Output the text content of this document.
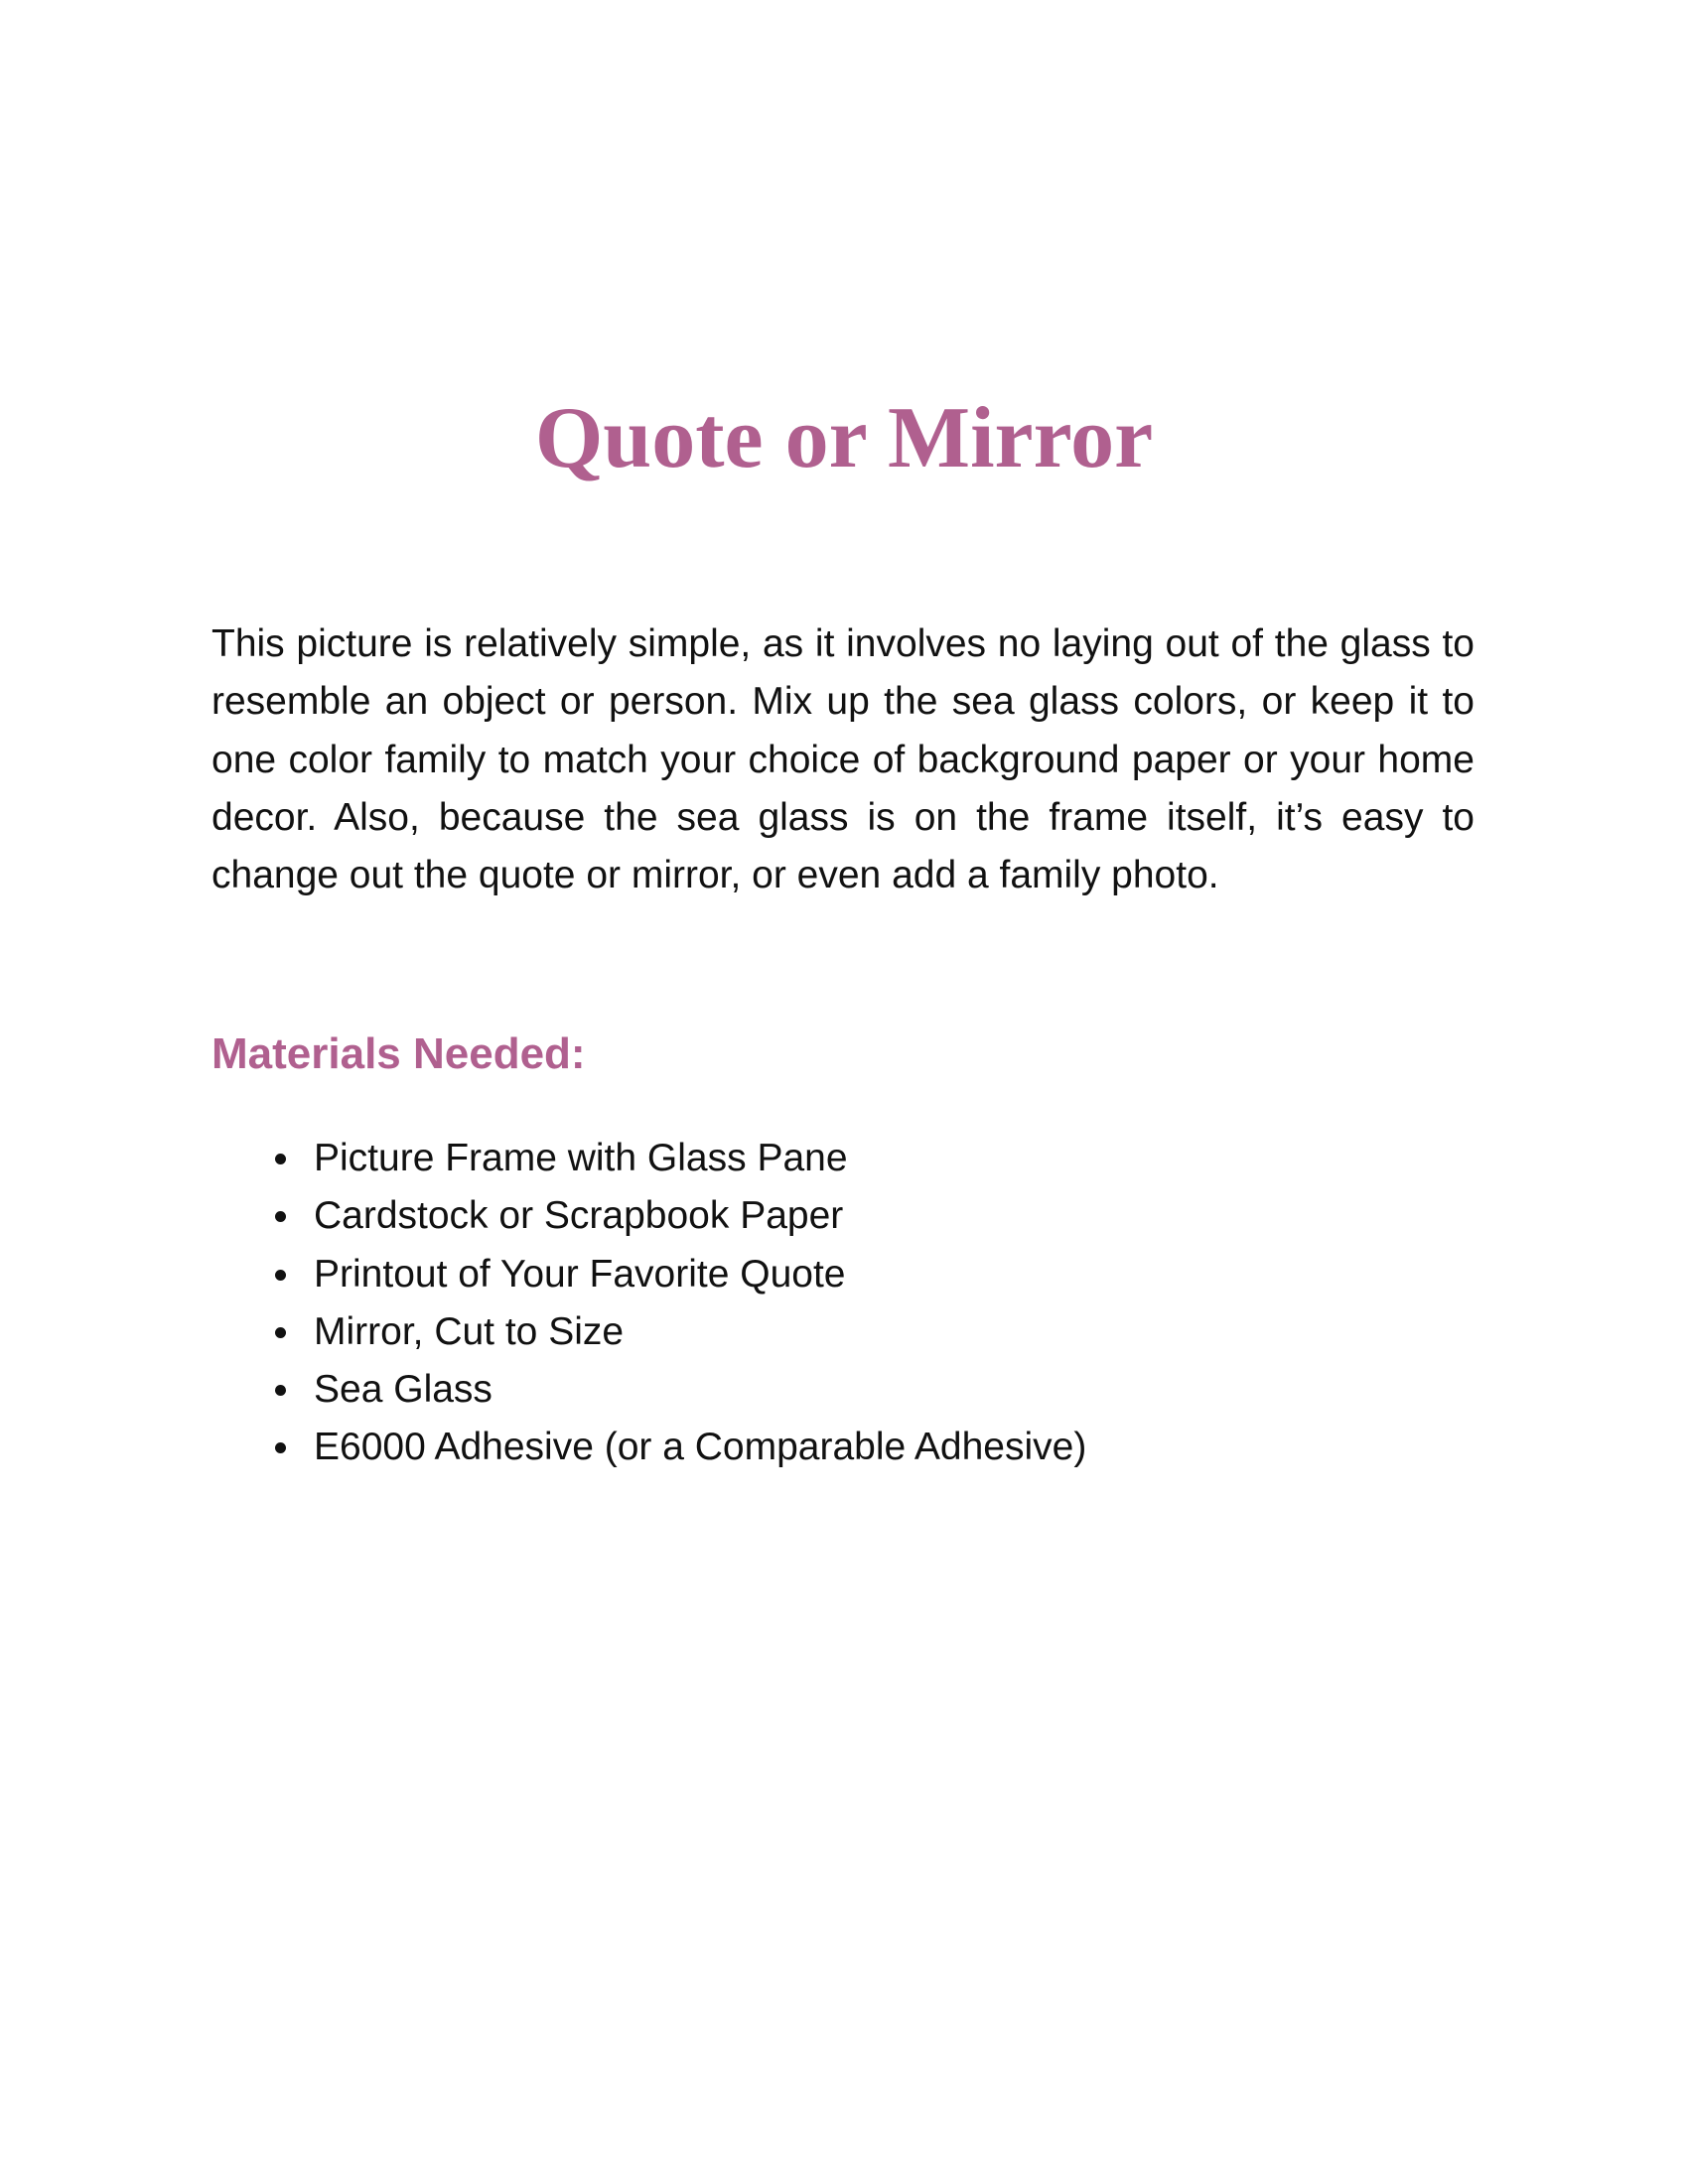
Quote or Mirror

This picture is relatively simple, as it involves no laying out of the glass to resemble an object or person. Mix up the sea glass colors, or keep it to one color family to match your choice of background paper or your home decor. Also, because the sea glass is on the frame itself, it’s easy to change out the quote or mirror, or even add a family photo.

Materials Needed:
Picture Frame with Glass Pane
Cardstock or Scrapbook Paper
Printout of Your Favorite Quote
Mirror, Cut to Size
Sea Glass
E6000 Adhesive (or a Comparable Adhesive)
